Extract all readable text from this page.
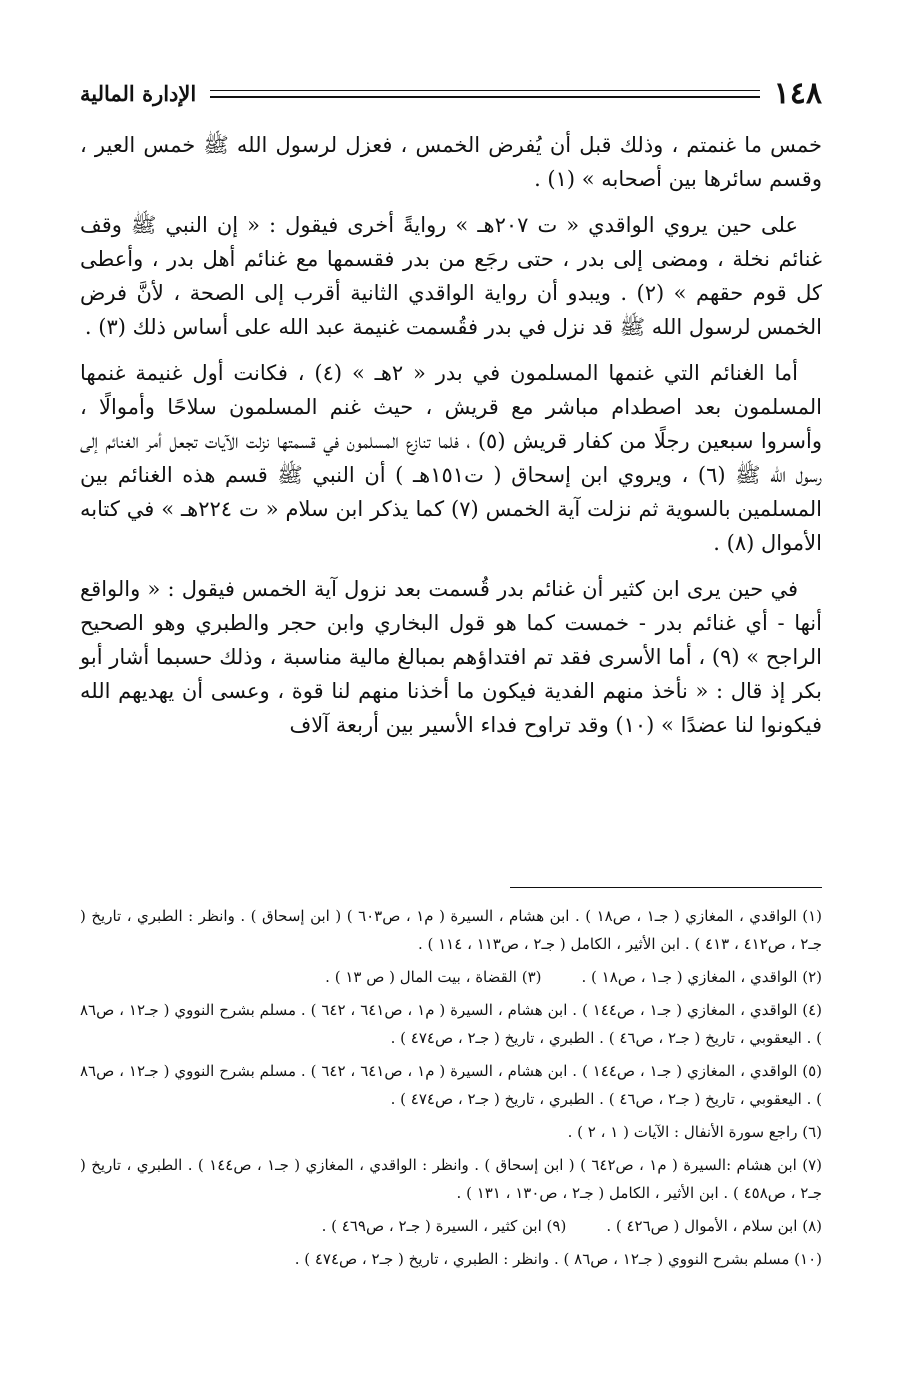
١٤٨
الإدارة المالية

خمس ما غنمتم ، وذلك قبل أن يُفرض الخمس ، فعزل لرسول الله ﷺ خمس العير ، وقسم سائرها بين أصحابه » (١) .

على حين يروي الواقدي « ت ٢٠٧هـ » روايةً أخرى فيقول : « إن النبي ﷺ وقف غنائم نخلة ، ومضى إلى بدر ، حتى رجَع من بدر فقسمها مع غنائم أهل بدر ، وأعطى كل قوم حقهم » (٢) . ويبدو أن رواية الواقدي الثانية أقرب إلى الصحة ، لأنَّ فرض الخمس لرسول الله ﷺ قد نزل في بدر فقُسمت غنيمة عبد الله على أساس ذلك (٣) .

أما الغنائم التي غنمها المسلمون في بدر « ٢هـ » (٤) ، فكانت أول غنيمة غنمها المسلمون بعد اصطدام مباشر مع قريش ، حيث غنم المسلمون سلاحًا وأموالًا ، وأسروا سبعين رجلًا من كفار قريش (٥) ، فلما تنازع المسلمون في قسمتها نزلت الآيات تجعل أمر الغنائم إلى رسول الله ﷺ (٦) ، ويروي ابن إسحاق ( ت١٥١هـ ) أن النبي ﷺ قسم هذه الغنائم بين المسلمين بالسوية ثم نزلت آية الخمس (٧) كما يذكر ابن سلام « ت ٢٢٤هـ » في كتابه الأموال (٨) .

في حين يرى ابن كثير أن غنائم بدر قُسمت بعد نزول آية الخمس فيقول : « والواقع أنها - أي غنائم بدر - خمست كما هو قول البخاري وابن حجر والطبري وهو الصحيح الراجح » (٩) ، أما الأسرى فقد تم افتداؤهم بمبالغ مالية مناسبة ، وذلك حسبما أشار أبو بكر إذ قال : « نأخذ منهم الفدية فيكون ما أخذنا منهم لنا قوة ، وعسى أن يهديهم الله فيكونوا لنا عضدًا » (١٠) وقد تراوح فداء الأسير بين أربعة آلاف

(١) الواقدي ، المغازي ( جـ١ ، ص١٨ ) . ابن هشام ، السيرة ( م١ ، ص٦٠٣ ) ( ابن إسحاق ) . وانظر : الطبري ، تاريخ ( جـ٢ ، ص٤١٢ ، ٤١٣ ) . ابن الأثير ، الكامل ( جـ٢ ، ص١١٣ ، ١١٤ ) .

(٢) الواقدي ، المغازي ( جـ١ ، ص١٨ ) .

(٣) القضاة ، بيت المال ( ص ١٣ ) .

(٤) الواقدي ، المغازي ( جـ١ ، ص١٤٤ ) . ابن هشام ، السيرة ( م١ ، ص٦٤١ ، ٦٤٢ ) . مسلم بشرح النووي ( جـ١٢ ، ص٨٦ ) . اليعقوبي ، تاريخ ( جـ٢ ، ص٤٦ ) . الطبري ، تاريخ ( جـ٢ ، ص٤٧٤ ) .

(٥) الواقدي ، المغازي ( جـ١ ، ص١٤٤ ) . ابن هشام ، السيرة ( م١ ، ص٦٤١ ، ٦٤٢ ) . مسلم بشرح النووي ( جـ١٢ ، ص٨٦ ) . اليعقوبي ، تاريخ ( جـ٢ ، ص٤٦ ) . الطبري ، تاريخ ( جـ٢ ، ص٤٧٤ ) .

(٦) راجع سورة الأنفال : الآيات ( ١ ، ٢ ) .

(٧) ابن هشام :السيرة ( م١ ، ص٦٤٢ ) ( ابن إسحاق ) . وانظر : الواقدي ، المغازي ( جـ١ ، ص١٤٤ ) . الطبري ، تاريخ ( جـ٢ ، ص٤٥٨ ) . ابن الأثير ، الكامل ( جـ٢ ، ص١٣٠ ، ١٣١ ) .

(٨) ابن سلام ، الأموال ( ص٤٢٦ ) .

(٩) ابن كثير ، السيرة ( جـ٢ ، ص٤٦٩ ) .

(١٠) مسلم بشرح النووي ( جـ١٢ ، ص٨٦ ) . وانظر : الطبري ، تاريخ ( جـ٢ ، ص٤٧٤ ) .
